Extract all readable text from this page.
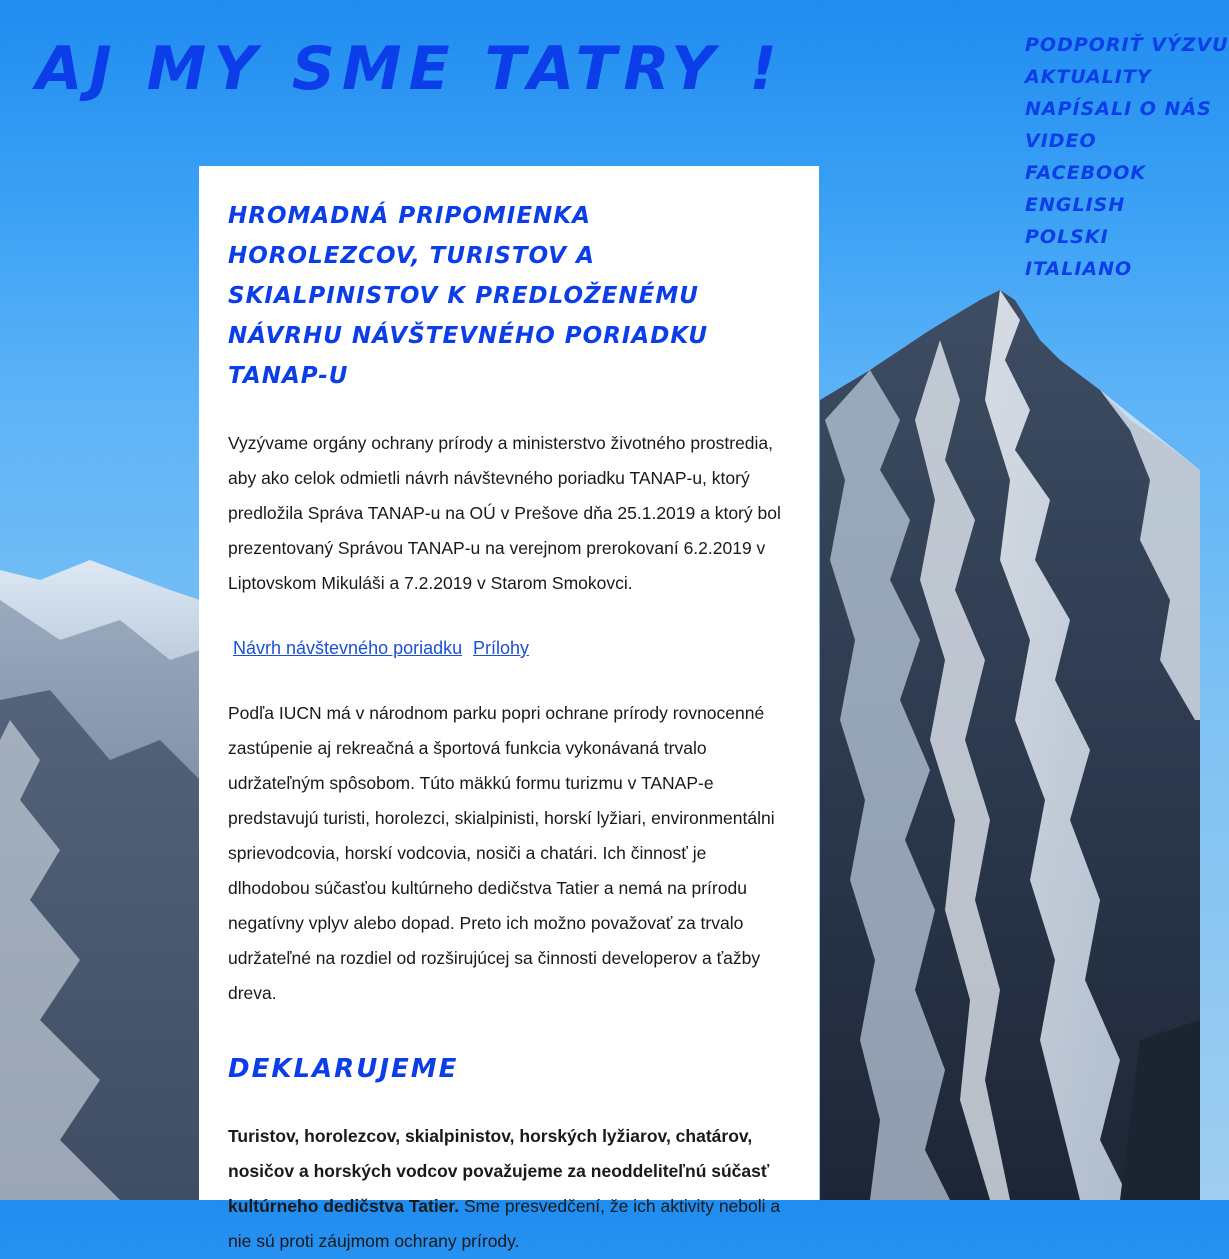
AJ MY SME TATRY !	PODPORIŤ VÝZVU
AKTUALITY
NAPÍSALI O NÁS
VIDEO
FACEBOOK
ENGLISH
POLSKI
ITALIANO
HROMADNÁ PRIPOMIENKA HOROLEZCOV, TURISTOV A SKIALPINISTOV K PREDLOŽENÉMU NÁVRHU NÁVŠTEVNÉHO PORIADKU TANAP-U

Vyzývame orgány ochrany prírody a ministerstvo životného prostredia, aby ako celok odmietli návrh návštevného poriadku TANAP-u, ktorý predložila Správa TANAP-u na OÚ v Prešove dňa 25.1.2019 a ktorý bol prezentovaný Správou TANAP-u na verejnom prerokovaní 6.2.2019 v Liptovskom Mikuláši a 7.2.2019 v Starom Smokovci.

Návrh návštevného poriadku Prílohy

Podľa IUCN má v národnom parku popri ochrane prírody rovnocenné zastúpenie aj rekreačná a športová funkcia vykonávaná trvalo udržateľným spôsobom. Túto mäkkú formu turizmu v TANAP-e predstavujú turisti, horolezci, skialpinisti, horskí lyžiari, environmentálni sprievodcovia, horskí vodcovia, nosiči a chatári. Ich činnosť je dlhodobou súčasťou kultúrneho dedičstva Tatier a nemá na prírodu negatívny vplyv alebo dopad. Preto ich možno považovať za trvalo udržateľné na rozdiel od rozširujúcej sa činnosti developerov a ťažby dreva.

DEKLARUJEME

Turistov, horolezcov, skialpinistov, horských lyžiarov, chatárov, nosičov a horských vodcov považujeme za neoddeliteľnú súčasť kultúrneho dedičstva Tatier. Sme presvedčení, že ich aktivity neboli a nie sú proti záujmom ochrany prírody.
